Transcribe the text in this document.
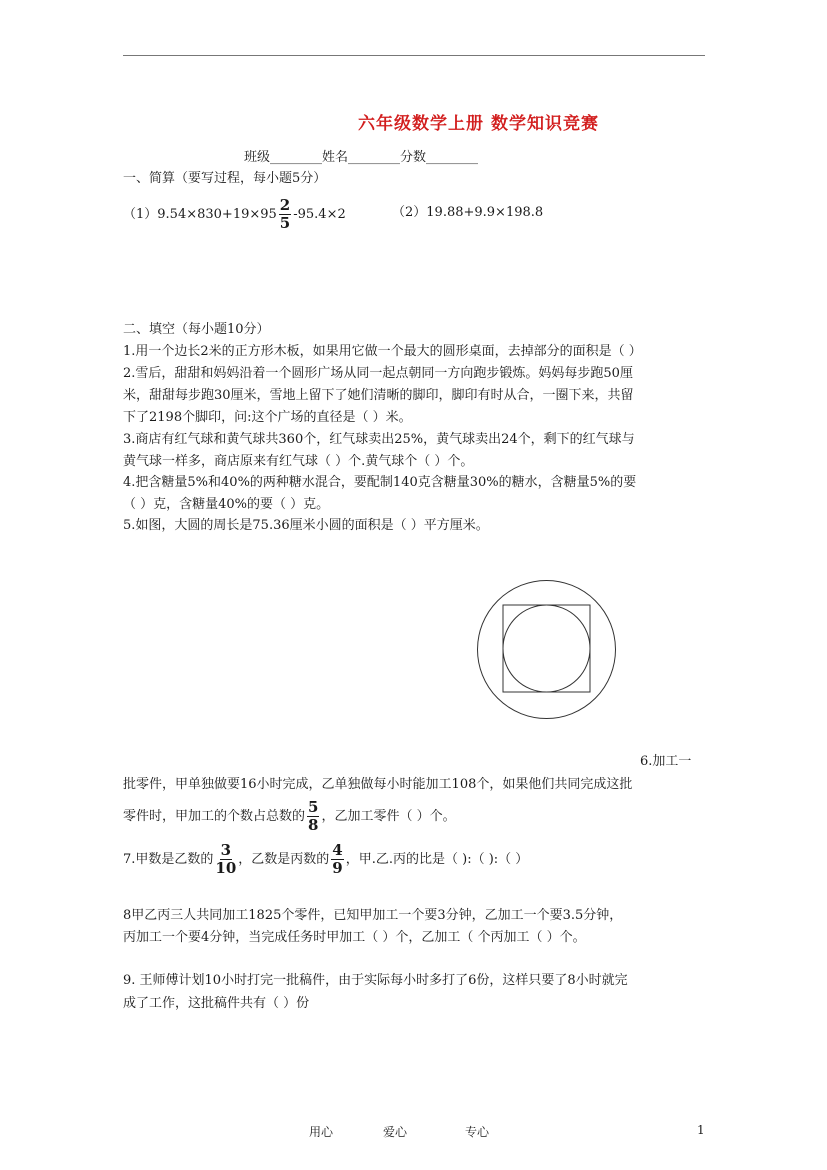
六年级数学上册 数学知识竞赛
班级________姓名________分数________
一、简算（要写过程，每小题5分）
$(1)9.54\times 830+19\times 95 \frac{2}{5} -95.4\times 2$	（2）19.88+9.9×198.8
二、填空（每小题10分）
1.用一个边长2米的正方形木板，如果用它做一个最大的圆形桌面，去掉部分的面积是（ ）
2.雪后，甜甜和妈妈沿着一个圆形广场从同一起点朝同一方向跑步锻炼。妈妈每步跑50厘
米，甜甜每步跑30厘米，雪地上留下了她们清晰的脚印，脚印有时从合，一圈下来，共留
下了2198个脚印，问:这个广场的直径是（ ）米。
3.商店有红气球和黄气球共360个，红气球卖出25%，黄气球卖出24个，剩下的红气球与
黄气球一样多，商店原来有红气球（ ）个.黄气球个（ ）个。
4.把含糖量5%和40%的两种糖水混合，要配制140克含糖量30%的糖水，含糖量5%的要
（ ）克，含糖量40%的要（ ）克。
5.如图，大圆的周长是75.36厘米小圆的面积是（ ）平方厘米。
6.加工一
批零件，甲单独做要16小时完成，乙单独做每小时能加工108个，如果他们共同完成这批
零件时，甲加工的个数占总数的 $\frac{5}{8}$ ，乙加工零件（ ）个。
7.甲数是乙数的 $\frac{3}{10}$ ，乙数是丙数的 $\frac{4}{9}$ ，甲.乙.丙的比是（ ):（ ):（ ）
8甲乙丙三人共同加工1825个零件，已知甲加工一个要3分钟，乙加工一个要3.5分钟，
丙加工一个要4分钟，当完成任务时甲加工（ ）个，乙加工（ 个丙加工（ ）个。
9. 王师傅计划10小时打完一批稿件，由于实际每小时多打了6份，这样只要了8小时就完
成了工作，这批稿件共有（ ）份
用心	爱心	专心	1
